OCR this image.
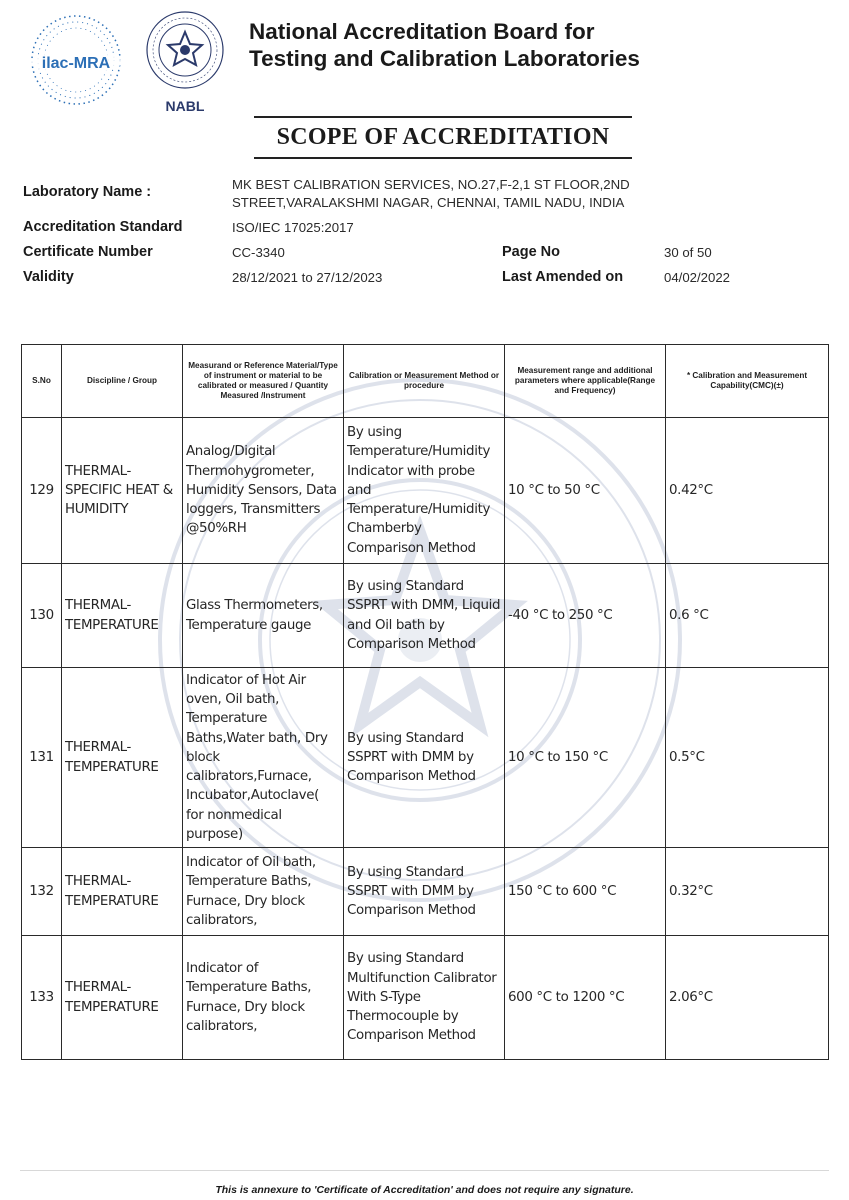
ilac-MRA
NABL
National Accreditation Board for
Testing and Calibration Laboratories
SCOPE OF ACCREDITATION
Laboratory Name :	MK BEST CALIBRATION SERVICES, NO.27,F-2,1 ST FLOOR,2ND
STREET,VARALAKSHMI NAGAR, CHENNAI, TAMIL NADU, INDIA
Accreditation Standard	ISO/IEC 17025:2017
Certificate Number	CC-3340	Page No	30 of 50
Validity	28/12/2021 to 27/12/2023	Last Amended on	04/02/2022
S.No	Discipline / Group	Measurand or Reference Material/Type of instrument or material to be calibrated or measured / Quantity Measured /Instrument	Calibration or Measurement Method or procedure	Measurement range and additional parameters where applicable(Range and Frequency)	* Calibration and Measurement Capability(CMC)(±)
129	THERMAL- SPECIFIC HEAT & HUMIDITY	Analog/Digital Thermohygrometer, Humidity Sensors, Data loggers, Transmitters @50%RH	By using Temperature/Humidity Indicator with probe and Temperature/Humidity Chamberby Comparison Method	10 °C to 50 °C	0.42°C
130	THERMAL- TEMPERATURE	Glass Thermometers, Temperature gauge	By using Standard SSPRT with DMM, Liquid and Oil bath by Comparison Method	-40 °C to 250 °C	0.6 °C
131	THERMAL- TEMPERATURE	Indicator of Hot Air oven, Oil bath, Temperature Baths,Water bath, Dry block calibrators,Furnace, Incubator,Autoclave( for nonmedical purpose)	By using Standard SSPRT with DMM by Comparison Method	10 °C to 150 °C	0.5°C
132	THERMAL- TEMPERATURE	Indicator of Oil bath, Temperature Baths, Furnace, Dry block calibrators,	By using Standard SSPRT with DMM by Comparison Method	150 °C to 600 °C	0.32°C
133	THERMAL- TEMPERATURE	Indicator of Temperature Baths, Furnace, Dry block calibrators,	By using Standard Multifunction Calibrator With S-Type Thermocouple by Comparison Method	600 °C to 1200 °C	2.06°C
This is annexure to 'Certificate of Accreditation' and does not require any signature.
